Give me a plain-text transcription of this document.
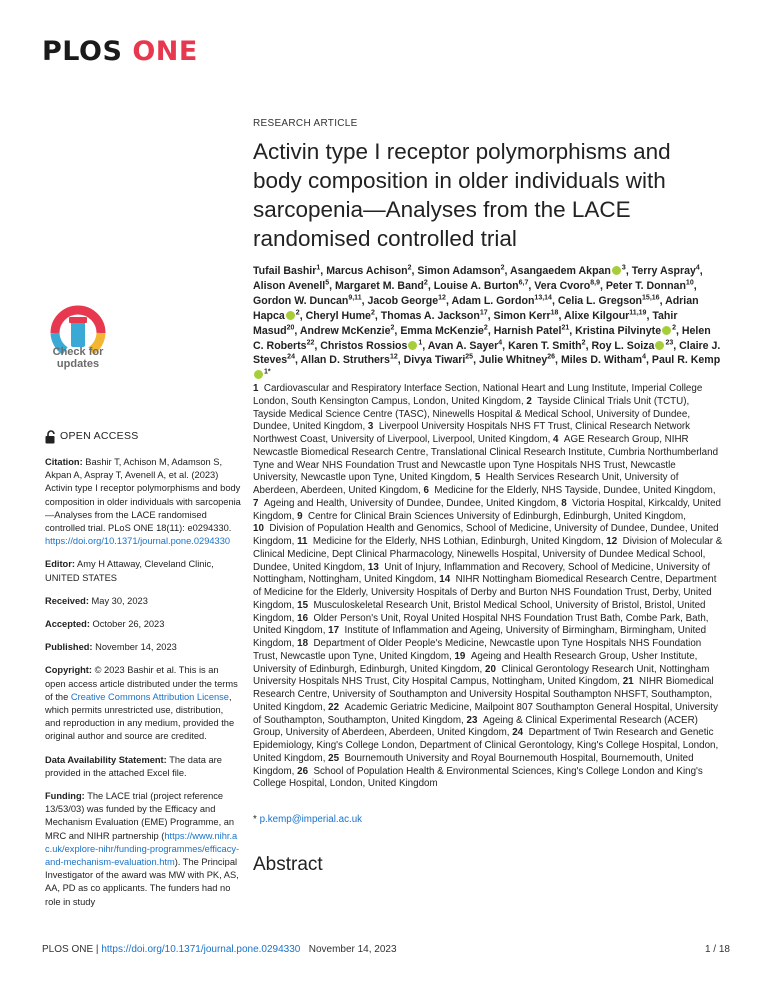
PLOS ONE
Check for
updates
OPEN ACCESS

Citation: Bashir T, Achison M, Adamson S, Akpan A, Aspray T, Avenell A, et al. (2023) Activin type I receptor polymorphisms and body composition in older individuals with sarcopenia—Analyses from the LACE randomised controlled trial. PLoS ONE 18(11): e0294330. https://doi.org/10.1371/journal.pone.0294330

Editor: Amy H Attaway, Cleveland Clinic, UNITED STATES

Received: May 30, 2023

Accepted: October 26, 2023

Published: November 14, 2023

Copyright: © 2023 Bashir et al. This is an open access article distributed under the terms of the Creative Commons Attribution License, which permits unrestricted use, distribution, and reproduction in any medium, provided the original author and source are credited.

Data Availability Statement: The data are provided in the attached Excel file.

Funding: The LACE trial (project reference 13/53/03) was funded by the Efficacy and Mechanism Evaluation (EME) Programme, an MRC and NIHR partnership (https://www.nihr.ac.uk/explore-nihr/funding-programmes/efficacy-and-mechanism-evaluation.htm). The Principal Investigator of the award was MW with PK, AS, AA, PD as co applicants. The funders had no role in study

RESEARCH ARTICLE
Activin type I receptor polymorphisms and body composition in older individuals with sarcopenia—Analyses from the LACE randomised controlled trial
Tufail Bashir$^1$, Marcus Achison$^2$, Simon Adamson$^2$, Asangaedem Akpan $^3$, Terry Aspray$^4$, Alison Avenell$^5$, Margaret M. Band$^2$, Louise A. Burton$^{6,7}$, Vera Cvoro$^{8,9}$, Peter T. Donnan$^{10}$, Gordon W. Duncan$^{9,11}$, Jacob George$^{12}$, Adam L. Gordon$^{13,14}$, Celia L. Gregson$^{15,16}$, Adrian Hapca $^2$, Cheryl Hume$^2$, Thomas A. Jackson$^{17}$, Simon Kerr$^{18}$, Alixe Kilgour$^{11,19}$, Tahir Masud$^{20}$, Andrew McKenzie$^2$, Emma McKenzie$^2$, Harnish Patel$^{21}$, Kristina Pilvinyte $^2$, Helen C. Roberts$^{22}$, Christos Rossios $^1$, Avan A. Sayer$^4$, Karen T. Smith$^2$, Roy L. Soiza $^{23}$, Claire J. Steves$^{24}$, Allan D. Struthers$^{12}$, Divya Tiwari$^{25}$, Julie Whitney$^{26}$, Miles D. Witham$^4$, Paul R. Kemp$^{1*}$
1  Cardiovascular and Respiratory Interface Section, National Heart and Lung Institute, Imperial College London, South Kensington Campus, London, United Kingdom, 2  Tayside Clinical Trials Unit (TCTU), Tayside Medical Science Centre (TASC), Ninewells Hospital & Medical School, University of Dundee, Dundee, United Kingdom, 3  Liverpool University Hospitals NHS FT Trust, Clinical Research Network Northwest Coast, University of Liverpool, Liverpool, United Kingdom, 4  AGE Research Group, NIHR Newcastle Biomedical Research Centre, Translational Clinical Research Institute, Cumbria Northumberland Tyne and Wear NHS Foundation Trust and Newcastle upon Tyne Hospitals NHS Trust, Newcastle University, Newcastle upon Tyne, United Kingdom, 5  Health Services Research Unit, University of Aberdeen, Aberdeen, United Kingdom, 6  Medicine for the Elderly, NHS Tayside, Dundee, United Kingdom, 7  Ageing and Health, University of Dundee, Dundee, United Kingdom, 8  Victoria Hospital, Kirkcaldy, United Kingdom, 9  Centre for Clinical Brain Sciences University of Edinburgh, Edinburgh, United Kingdom, 10  Division of Population Health and Genomics, School of Medicine, University of Dundee, Dundee, United Kingdom, 11  Medicine for the Elderly, NHS Lothian, Edinburgh, United Kingdom, 12  Division of Molecular & Clinical Medicine, Dept Clinical Pharmacology, Ninewells Hospital, University of Dundee Medical School, Dundee, United Kingdom, 13  Unit of Injury, Inflammation and Recovery, School of Medicine, University of Nottingham, Nottingham, United Kingdom, 14  NIHR Nottingham Biomedical Research Centre, Department of Medicine for the Elderly, University Hospitals of Derby and Burton NHS Foundation Trust, Derby, United Kingdom, 15  Musculoskeletal Research Unit, Bristol Medical School, University of Bristol, Bristol, United Kingdom, 16  Older Person's Unit, Royal United Hospital NHS Foundation Trust Bath, Combe Park, Bath, United Kingdom, 17  Institute of Inflammation and Ageing, University of Birmingham, Birmingham, United Kingdom, 18  Department of Older People's Medicine, Newcastle upon Tyne Hospitals NHS Foundation Trust, Newcastle upon Tyne, United Kingdom, 19  Ageing and Health Research Group, Usher Institute, University of Edinburgh, Edinburgh, United Kingdom, 20  Clinical Gerontology Research Unit, Nottingham University Hospitals NHS Trust, City Hospital Campus, Nottingham, United Kingdom, 21  NIHR Biomedical Research Centre, University of Southampton and University Hospital Southampton NHSFT, Southampton, United Kingdom, 22  Academic Geriatric Medicine, Mailpoint 807 Southampton General Hospital, University of Southampton, Southampton, United Kingdom, 23  Ageing & Clinical Experimental Research (ACER) Group, University of Aberdeen, Aberdeen, United Kingdom, 24  Department of Twin Research and Genetic Epidemiology, King's College London, Department of Clinical Gerontology, King's College Hospital, London, United Kingdom, 25  Bournemouth University and Royal Bournemouth Hospital, Bournemouth, United Kingdom, 26  School of Population Health & Environmental Sciences, King's College London and King's College Hospital, London, United Kingdom
* p.kemp@imperial.ac.uk
Abstract
PLOS ONE | https://doi.org/10.1371/journal.pone.0294330 November 14, 2023	1 / 18
